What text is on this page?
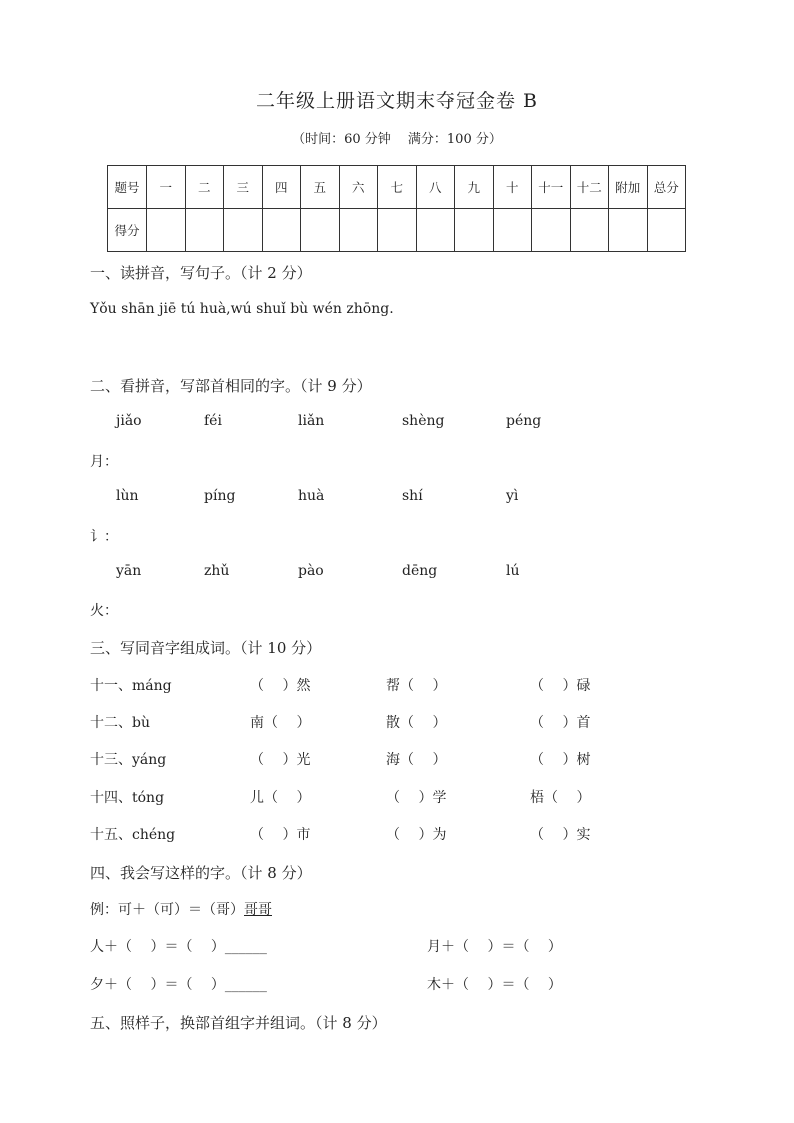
二年级上册语文期末夺冠金卷 B
（时间：60 分钟　 满分：100 分）
题号	一	二	三	四	五	六	七	八	九	十	十一	十二	附加	总分
得分														
一、读拼音，写句子。（计 2 分）
Yǒu shān jiē tú huà,wú shuǐ bù wén zhōng.
二、看拼音，写部首相同的字。（计 9 分）
jiǎo	féi	liǎn	shèng	péng
月：
lùn	píng	huà	shí	yì
讠：
yān	zhǔ	pào	dēng	lú
火：
三、写同音字组成词。（计 10 分）
十一、máng	（　 ）然	帮（　 ）	（　 ）碌
十二、bù	南（　 ）	散（　 ）	（　 ）首
十三、yáng	（　 ）光	海（　 ）	（　 ）树
十四、tóng	儿（　 ）	（　 ）学	梧（　 ）
十五、chéng	（　 ）市	（　 ）为	（　 ）实
四、我会写这样的字。（计 8 分）
例：可＋（可）＝（哥）哥哥
人＋（　 ）＝（　 ）______	月＋（　 ）＝（　 ）
夕＋（　 ）＝（　 ）______	木＋（　 ）＝（　 ）
五、照样子，换部首组字并组词。（计 8 分）
